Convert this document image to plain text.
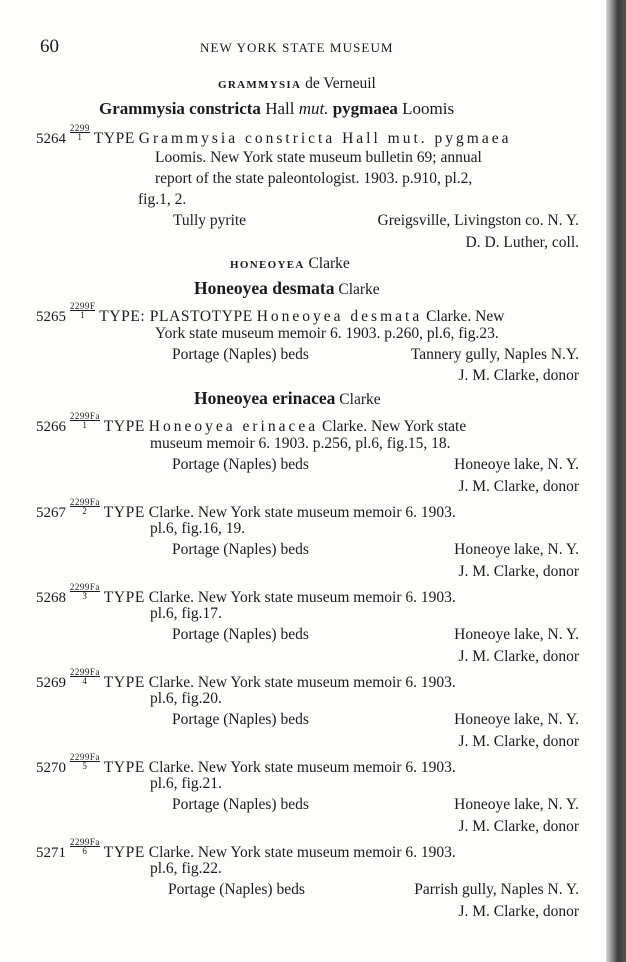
60	NEW YORK STATE MUSEUM
GRAMMYSIA de Verneuil
Grammysia constricta Hall mut. pygmaea Loomis
$5264 \frac{2299}{1}$ TYPE Grammysia constricta Hall mut. pygmaea
Loomis. New York state museum bulletin 69; annual
report of the state paleontologist. 1903. p.910, pl.2,
fig.1, 2.
Tully pyrite	Greigsville, Livingston co. N. Y.
D. D. Luther, coll.
HONEOYEA Clarke
Honeoyea desmata Clarke
$5265 \frac{2299F}{1}$ TYPE: PLASTOTYPE Honeoyea desmata Clarke. New
York state museum memoir 6. 1903. p.260, pl.6, fig.23.
Portage (Naples) beds	Tannery gully, Naples N.Y.
J. M. Clarke, donor
Honeoyea erinacea Clarke
$5266 \frac{2299Fa}{1}$ TYPE Honeoyea erinacea Clarke. New York state
museum memoir 6. 1903. p.256, pl.6, fig.15, 18.
Portage (Naples) beds	Honeoye lake, N. Y.
J. M. Clarke, donor
$5267 \frac{2299Fa}{2}$ TYPE Clarke. New York state museum memoir 6. 1903.
pl.6, fig.16, 19.
Portage (Naples) beds	Honeoye lake, N. Y.
J. M. Clarke, donor
$5268 \frac{2299Fa}{3}$ TYPE Clarke. New York state museum memoir 6. 1903.
pl.6, fig.17.
Portage (Naples) beds	Honeoye lake, N. Y.
J. M. Clarke, donor
$5269 \frac{2299Fa}{4}$ TYPE Clarke. New York state museum memoir 6. 1903.
pl.6, fig.20.
Portage (Naples) beds	Honeoye lake, N. Y.
J. M. Clarke, donor
$5270 \frac{2299Fa}{5}$ TYPE Clarke. New York state museum memoir 6. 1903.
pl.6, fig.21.
Portage (Naples) beds	Honeoye lake, N. Y.
J. M. Clarke, donor
$5271 \frac{2299Fa}{6}$ TYPE Clarke. New York state museum memoir 6. 1903.
pl.6, fig.22.
Portage (Naples) beds	Parrish gully, Naples N. Y.
J. M. Clarke, donor
